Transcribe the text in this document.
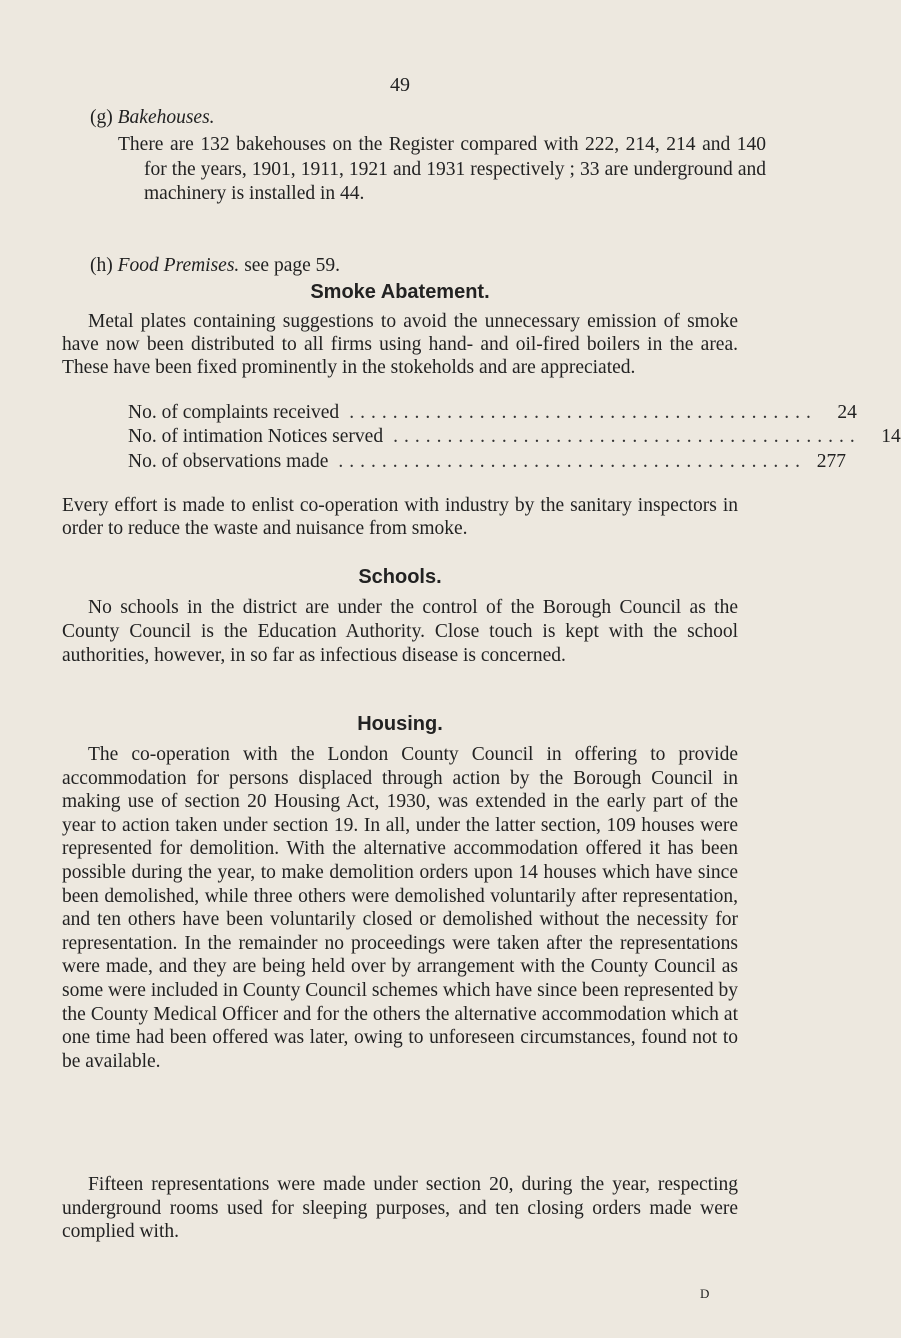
49
(g) Bakehouses.

There are 132 bakehouses on the Register compared with 222, 214, 214 and 140 for the years, 1901, 1911, 1921 and 1931 respectively ; 33 are underground and machinery is installed in 44.

(h) Food Premises. see page 59.
Smoke Abatement.

Metal plates containing suggestions to avoid the unnecessary emission of smoke have now been distributed to all firms using hand- and oil-fired boilers in the area. These have been fixed prominently in the stokeholds and are appreciated.

No. of complaints received ...........................................	24
No. of intimation Notices served ...........................................	14
No. of observations made ........................................... 277

Every effort is made to enlist co-operation with industry by the sanitary inspectors in order to reduce the waste and nuisance from smoke.

Schools.

No schools in the district are under the control of the Borough Council as the County Council is the Education Authority. Close touch is kept with the school authorities, however, in so far as infectious disease is concerned.

Housing.

The co-operation with the London County Council in offering to provide accommodation for persons displaced through action by the Borough Council in making use of section 20 Housing Act, 1930, was extended in the early part of the year to action taken under section 19. In all, under the latter section, 109 houses were represented for demolition. With the alternative accommodation offered it has been possible during the year, to make demolition orders upon 14 houses which have since been demolished, while three others were demolished voluntarily after representation, and ten others have been voluntarily closed or demolished without the necessity for representation. In the remainder no proceedings were taken after the representations were made, and they are being held over by arrangement with the County Council as some were included in County Council schemes which have since been represented by the County Medical Officer and for the others the alternative accommodation which at one time had been offered was later, owing to unforeseen circumstances, found not to be available.

Fifteen representations were made under section 20, during the year, respecting underground rooms used for sleeping purposes, and ten closing orders made were complied with.

D
